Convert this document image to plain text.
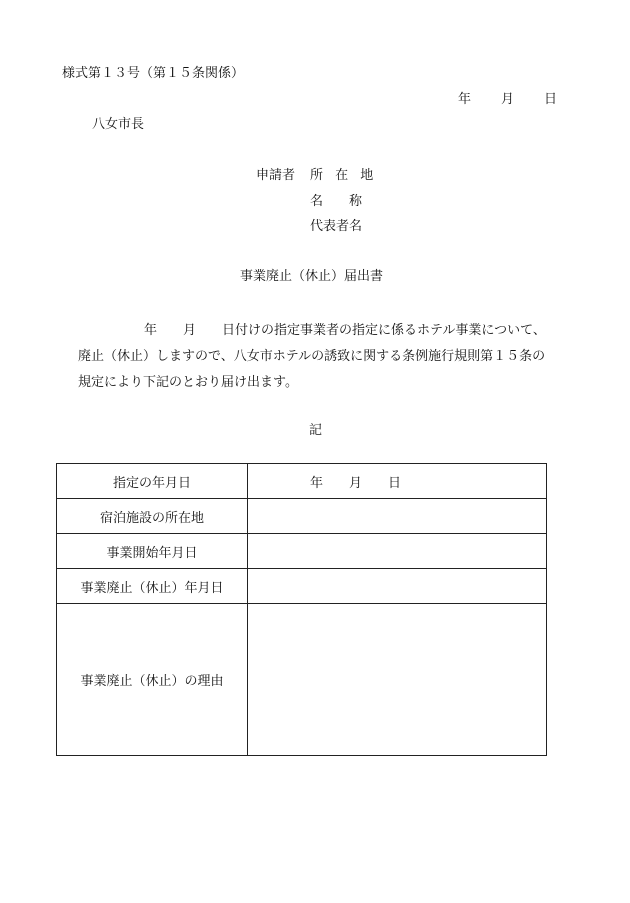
様式第１３号（第１５条関係）
年 月 日
八女市長
申請者 所 在 地
名　　称
代表者名
事業廃止（休止）届出書
年　　月　　日付けの指定事業者の指定に係るホテル事業について、
廃止（休止）しますので、八女市ホテルの誘致に関する条例施行規則第１５条の
規定により下記のとおり届け出ます。
記
指定の年月日	年　　月　　日
宿泊施設の所在地	
事業開始年月日	
事業廃止（休止）年月日	
事業廃止（休止）の理由	
